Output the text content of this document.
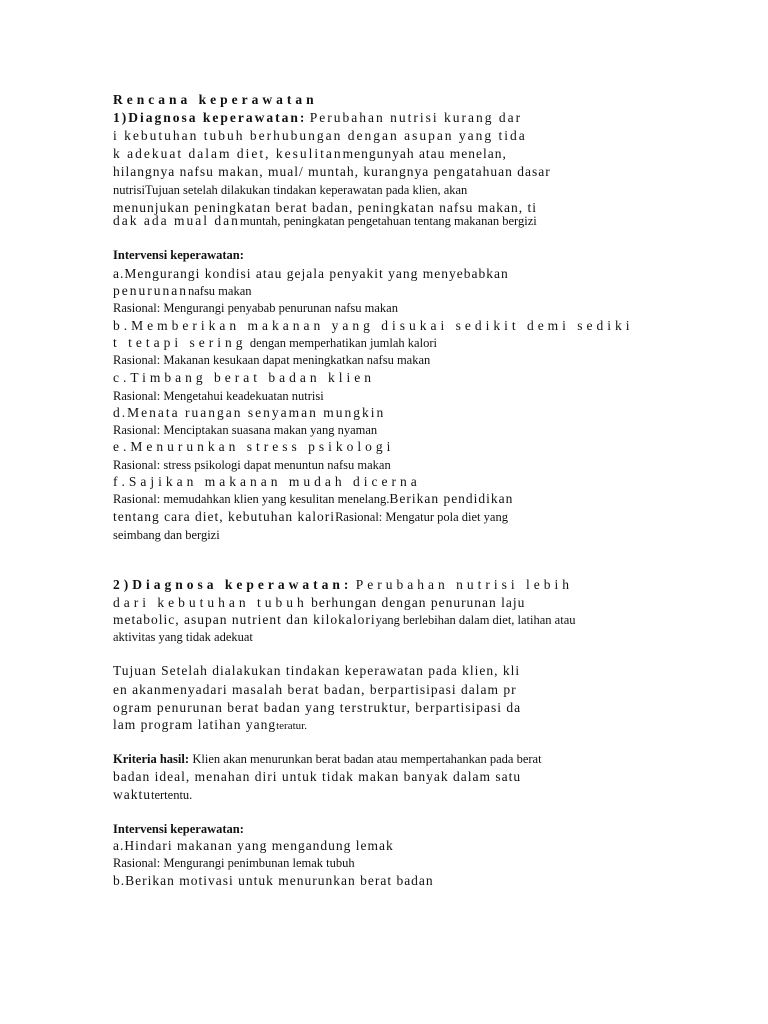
Rencana keperawatan

1)Diagnosa keperawatan: Perubahan nutrisi kurang dar

i kebutuhan tubuh berhubungan dengan asupan yang tida

k adekuat dalam diet, kesulitanmengunyah atau menelan,

hilangnya nafsu makan, mual/ muntah, kurangnya pengatahuan dasar

nutrisiTujuan setelah dilakukan tindakan keperawatan pada klien, akan

menunjukan peningkatan berat badan, peningkatan nafsu makan, ti

dak ada mual danmuntah, peningkatan pengetahuan tentang makanan bergizi

Intervensi keperawatan:

a.Mengurangi kondisi atau gejala penyakit yang menyebabkan

penurunannafsu makan

Rasional: Mengurangi penyabab penurunan nafsu makan

b.Memberikan makanan yang disukai sedikit demi sediki

t tetapi sering dengan memperhatikan jumlah kalori

Rasional: Makanan kesukaan dapat meningkatkan nafsu makan

c.Timbang berat badan klien

Rasional: Mengetahui keadekuatan nutrisi

d.Menata ruangan senyaman mungkin

Rasional: Menciptakan suasana makan yang nyaman

e.Menurunkan stress psikologi

Rasional: stress psikologi dapat menuntun nafsu makan

f.Sajikan makanan mudah dicerna

Rasional: memudahkan klien yang kesulitan menelang.Berikan pendidikan

tentang cara diet, kebutuhan kaloriRasional: Mengatur pola diet yang

seimbang dan bergizi

2)Diagnosa keperawatan: Perubahan nutrisi lebih

dari kebutuhan tubuh berhungan dengan penurunan laju

metabolic, asupan nutrient dan kilokaloriyang berlebihan dalam diet, latihan atau

aktivitas yang tidak adekuat

Tujuan Setelah dialakukan tindakan keperawatan pada klien, kli

en akanmenyadari masalah berat badan, berpartisipasi dalam pr

ogram penurunan berat badan yang terstruktur, berpartisipasi da

lam program latihan yangteratur.

Kriteria hasil: Klien akan menurunkan berat badan atau mempertahankan pada berat

badan ideal, menahan diri untuk tidak makan banyak dalam satu

waktutertentu.

Intervensi keperawatan:

a.Hindari makanan yang mengandung lemak

Rasional: Mengurangi penimbunan lemak tubuh

b.Berikan motivasi untuk menurunkan berat badan
